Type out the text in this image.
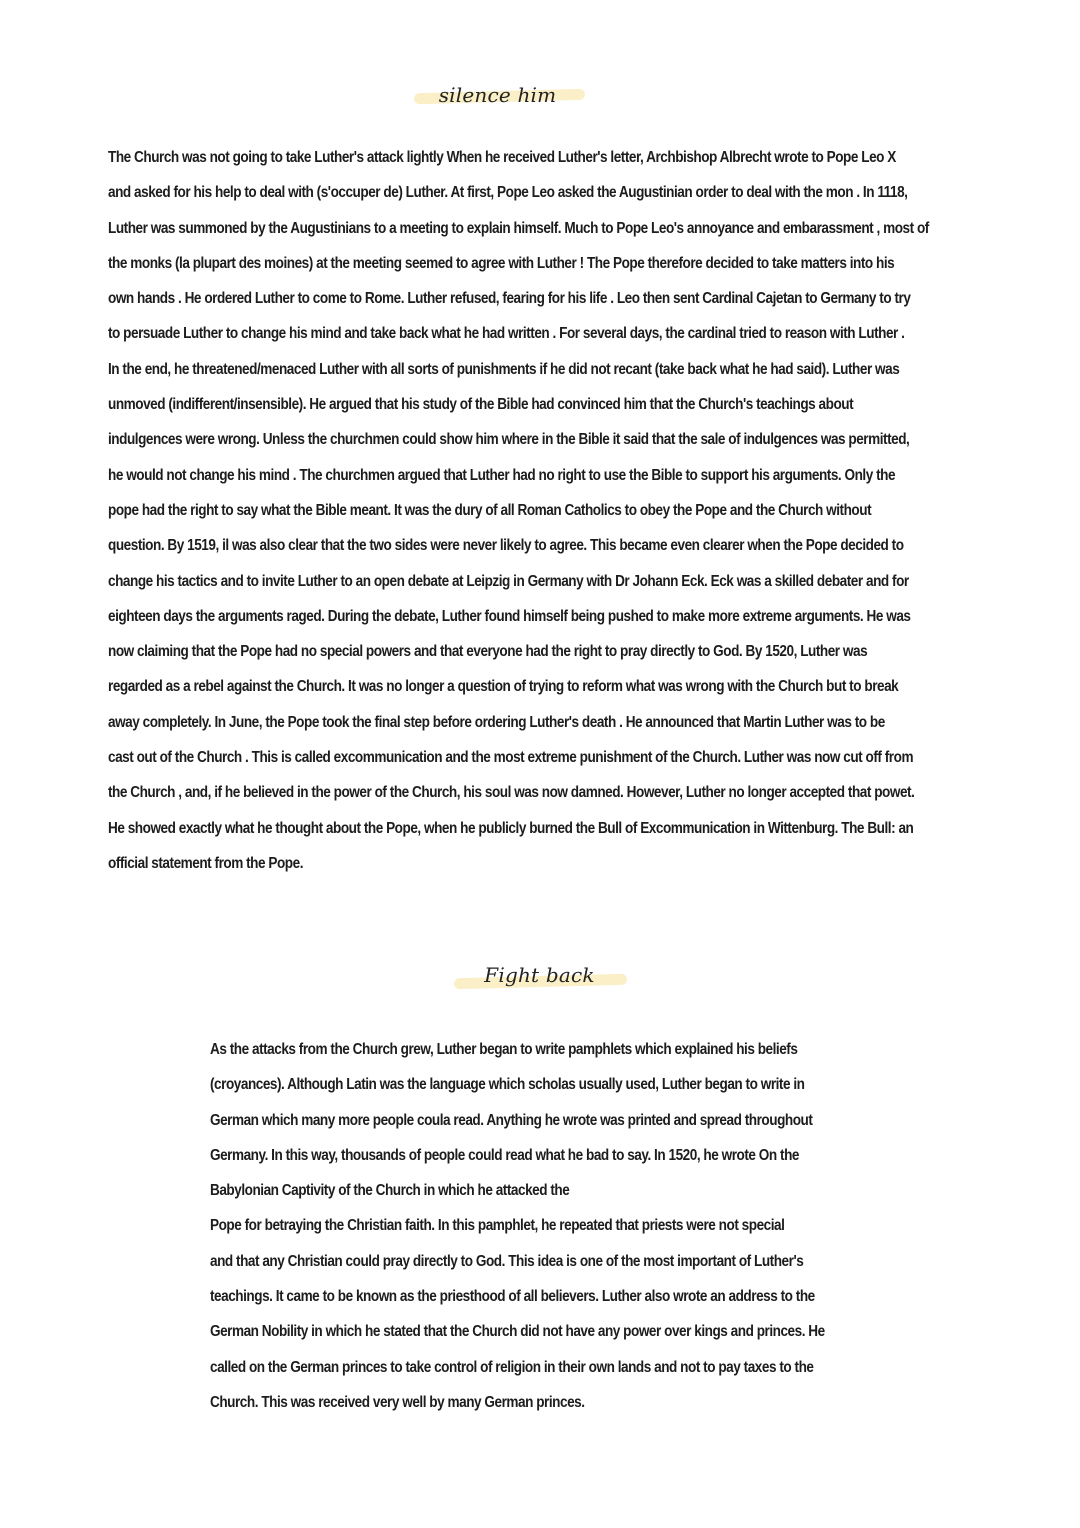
silence him

The Church was not going to take Luther's attack lightly When he received Luther's letter, Archbishop Albrecht wrote to Pope Leo X
and asked for his help to deal with (s'occuper de) Luther. At first, Pope Leo asked the Augustinian order to deal with the mon . In 1118,
Luther was summoned by the Augustinians to a meeting to explain himself. Much to Pope Leo's annoyance and embarassment , most of
the monks (la plupart des moines) at the meeting seemed to agree with Luther ! The Pope therefore decided to take matters into his
own hands . He ordered Luther to come to Rome. Luther refused, fearing for his life . Leo then sent Cardinal Cajetan to Germany to try
to persuade Luther to change his mind and take back what he had written . For several days, the cardinal tried to reason with Luther .
In the end, he threatened/menaced Luther with all sorts of punishments if he did not recant (take back what he had said). Luther was
unmoved (indifferent/insensible). He argued that his study of the Bible had convinced him that the Church's teachings about
indulgences were wrong. Unless the churchmen could show him where in the Bible it said that the sale of indulgences was permitted,
he would not change his mind . The churchmen argued that Luther had no right to use the Bible to support his arguments. Only the
pope had the right to say what the Bible meant. It was the dury of all Roman Catholics to obey the Pope and the Church without
question. By 1519, il was also clear that the two sides were never likely to agree. This became even clearer when the Pope decided to
change his tactics and to invite Luther to an open debate at Leipzig in Germany with Dr Johann Eck. Eck was a skilled debater and for
eighteen days the arguments raged. During the debate, Luther found himself being pushed to make more extreme arguments. He was
now claiming that the Pope had no special powers and that everyone had the right to pray directly to God. By 1520, Luther was
regarded as a rebel against the Church. It was no longer a question of trying to reform what was wrong with the Church but to break
away completely. In June, the Pope took the final step before ordering Luther's death . He announced that Martin Luther was to be
cast out of the Church . This is called excommunication and the most extreme punishment of the Church. Luther was now cut off from
the Church , and, if he believed in the power of the Church, his soul was now damned. However, Luther no longer accepted that powet.
He showed exactly what he thought about the Pope, when he publicly burned the Bull of Excommunication in Wittenburg. The Bull: an
official statement from the Pope.

Fight back

As the attacks from the Church grew, Luther began to write pamphlets which explained his beliefs
(croyances). Although Latin was the language which scholas usually used, Luther began to write in
German which many more people coula read. Anything he wrote was printed and spread throughout
Germany. In this way, thousands of people could read what he bad to say. In 1520, he wrote On the
Babylonian Captivity of the Church in which he attacked the
Pope for betraying the Christian faith. In this pamphlet, he repeated that priests were not special
and that any Christian could pray directly to God. This idea is one of the most important of Luther's
teachings. It came to be known as the priesthood of all believers. Luther also wrote an address to the
German Nobility in which he stated that the Church did not have any power over kings and princes. He
called on the German princes to take control of religion in their own lands and not to pay taxes to the
Church. This was received very well by many German princes.
